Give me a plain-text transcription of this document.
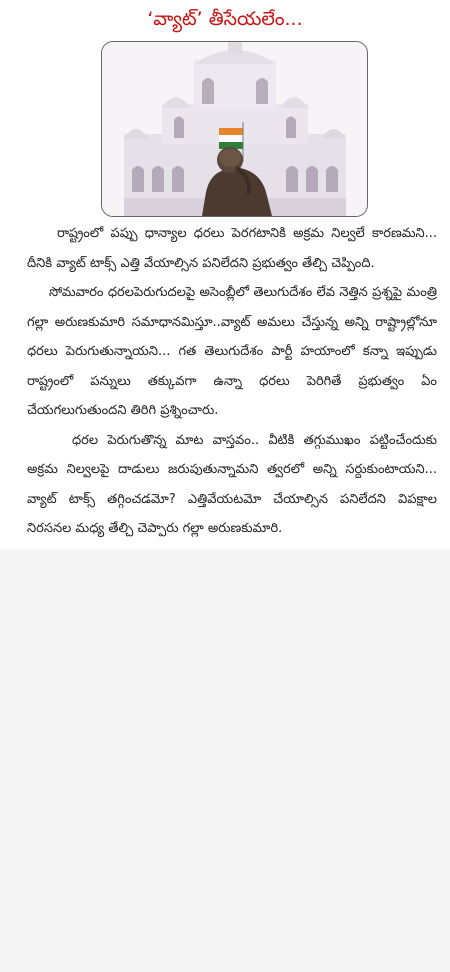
‘వ్యాట్’ తీసేయలేం...

రాష్ట్రంలో పప్పు ధాన్యాల ధరలు పెరగటానికి అక్రమ నిల్వలే కారణమని... దీనికి వ్యాట్ టాక్స్ ఎత్తి వేయాల్సిన పనిలేదని ప్రభుత్వం తేల్చి చెప్పింది.

సోమవారం ధరలపెరుగుదలపై అసెంబ్లీలో తెలుగుదేశం లేవ నెత్తిన ప్రశ్నపై మంత్రి గల్లా అరుణకుమారి సమాధానమిస్తూ..వ్యాట్ అమలు చేస్తున్న అన్ని రాష్ట్రాల్లోనూ ధరలు పెరుగుతున్నాయని... గత తెలుగుదేశం పార్టీ హయాంలో కన్నా ఇప్పుడు రాష్ట్రంలో పన్నులు తక్కువగా ఉన్నా ధరలు పెరిగితే ప్రభుత్వం ఏం చేయగలుగుతుందని తిరిగి ప్రశ్నించారు.

ధరల పెరుగుతొన్న మాట వాస్తవం.. వీటికి తగ్గుముఖం పట్టించేందుకు అక్రమ నిల్వలపై దాడులు జరుపుతున్నామని త్వరలో అన్ని సర్దుకుంటాయని... వ్యాట్ టాక్స్ తగ్గించడమో? ఎత్తివేయటమో చేయాల్సిన పనిలేదని విపక్షాల నిరసనల మధ్య తేల్చి చెప్పారు గల్లా అరుణకుమారి.
